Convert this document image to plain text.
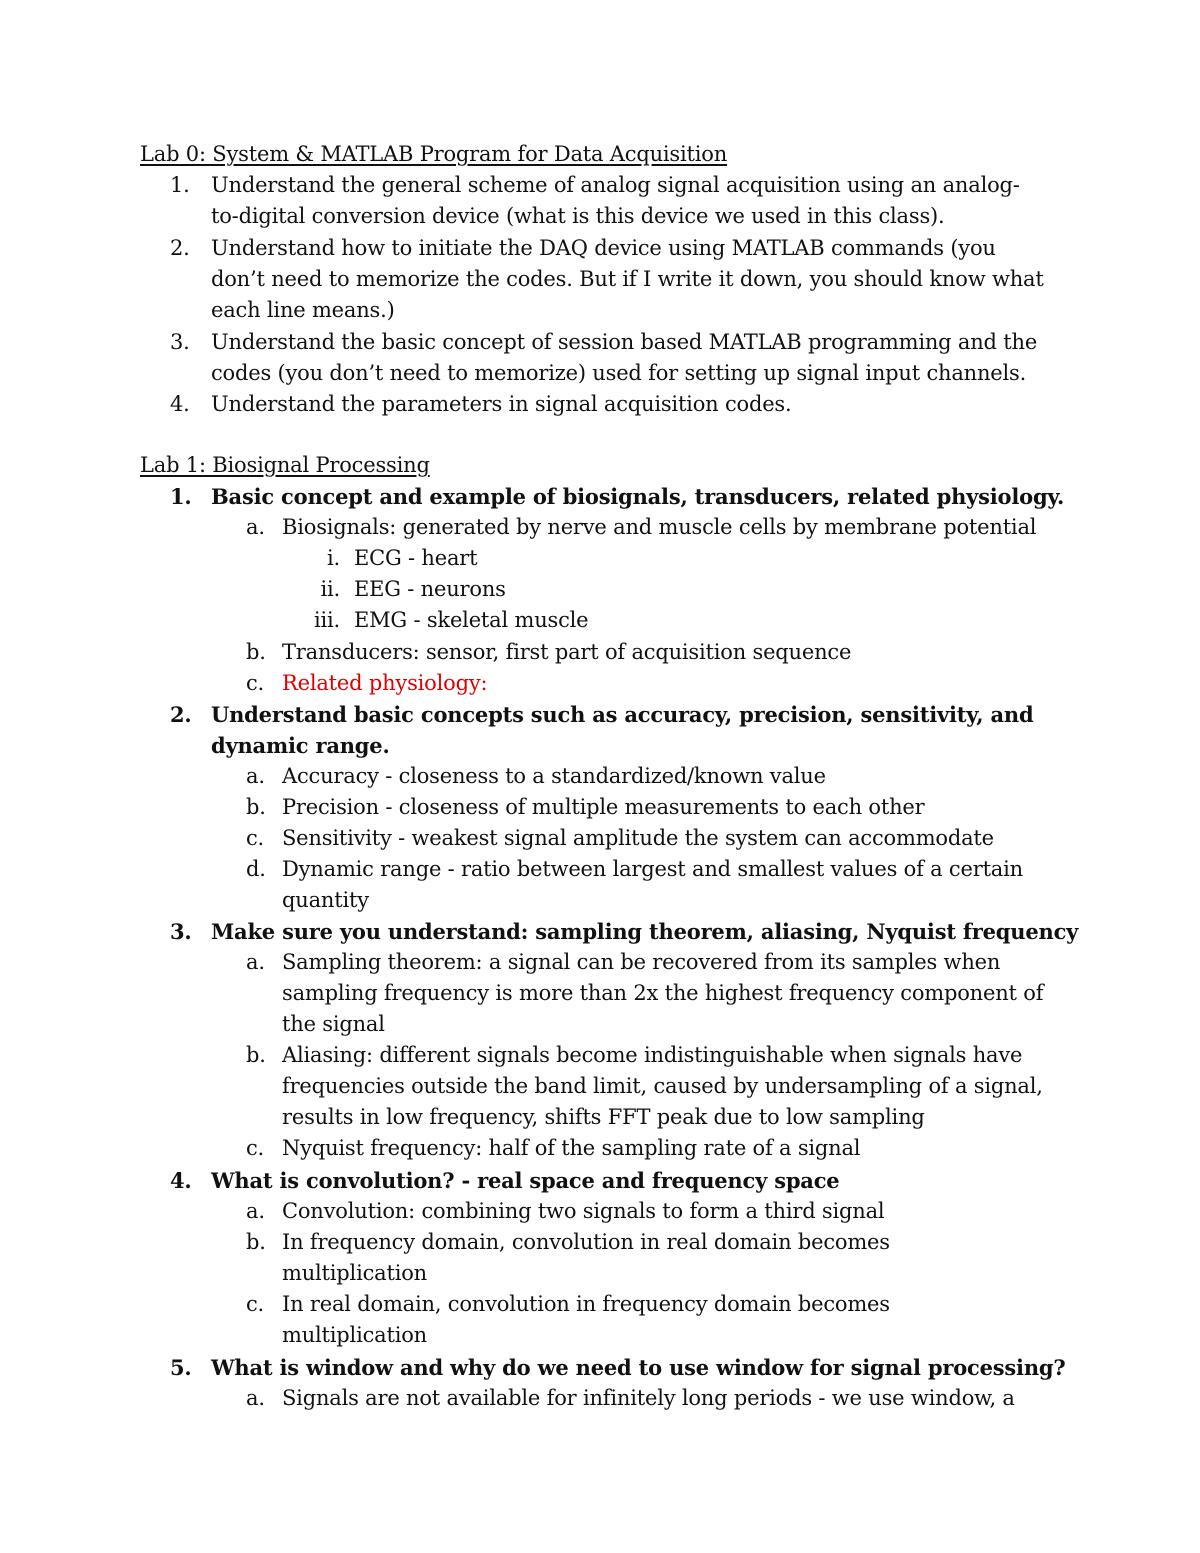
Lab 0: System & MATLAB Program for Data Acquisition
1. Understand the general scheme of analog signal acquisition using an analog-
to-digital conversion device (what is this device we used in this class).
2. Understand how to initiate the DAQ device using MATLAB commands (you
don’t need to memorize the codes. But if I write it down, you should know what
each line means.)
3. Understand the basic concept of session based MATLAB programming and the
codes (you don’t need to memorize) used for setting up signal input channels.
4. Understand the parameters in signal acquisition codes.
Lab 1: Biosignal Processing
1. Basic concept and example of biosignals, transducers, related physiology.
a. Biosignals: generated by nerve and muscle cells by membrane potential
i. ECG - heart
ii. EEG - neurons
iii. EMG - skeletal muscle
b. Transducers: sensor, first part of acquisition sequence
c. Related physiology:
2. Understand basic concepts such as accuracy, precision, sensitivity, and
dynamic range.
a. Accuracy - closeness to a standardized/known value
b. Precision - closeness of multiple measurements to each other
c. Sensitivity - weakest signal amplitude the system can accommodate
d. Dynamic range - ratio between largest and smallest values of a certain
quantity
3. Make sure you understand: sampling theorem, aliasing, Nyquist frequency
a. Sampling theorem: a signal can be recovered from its samples when
sampling frequency is more than 2x the highest frequency component of
the signal
b. Aliasing: different signals become indistinguishable when signals have
frequencies outside the band limit, caused by undersampling of a signal,
results in low frequency, shifts FFT peak due to low sampling
c. Nyquist frequency: half of the sampling rate of a signal
4. What is convolution? - real space and frequency space
a. Convolution: combining two signals to form a third signal
b. In frequency domain, convolution in real domain becomes
multiplication
c. In real domain, convolution in frequency domain becomes
multiplication
5. What is window and why do we need to use window for signal processing?
a. Signals are not available for infinitely long periods - we use window, a
